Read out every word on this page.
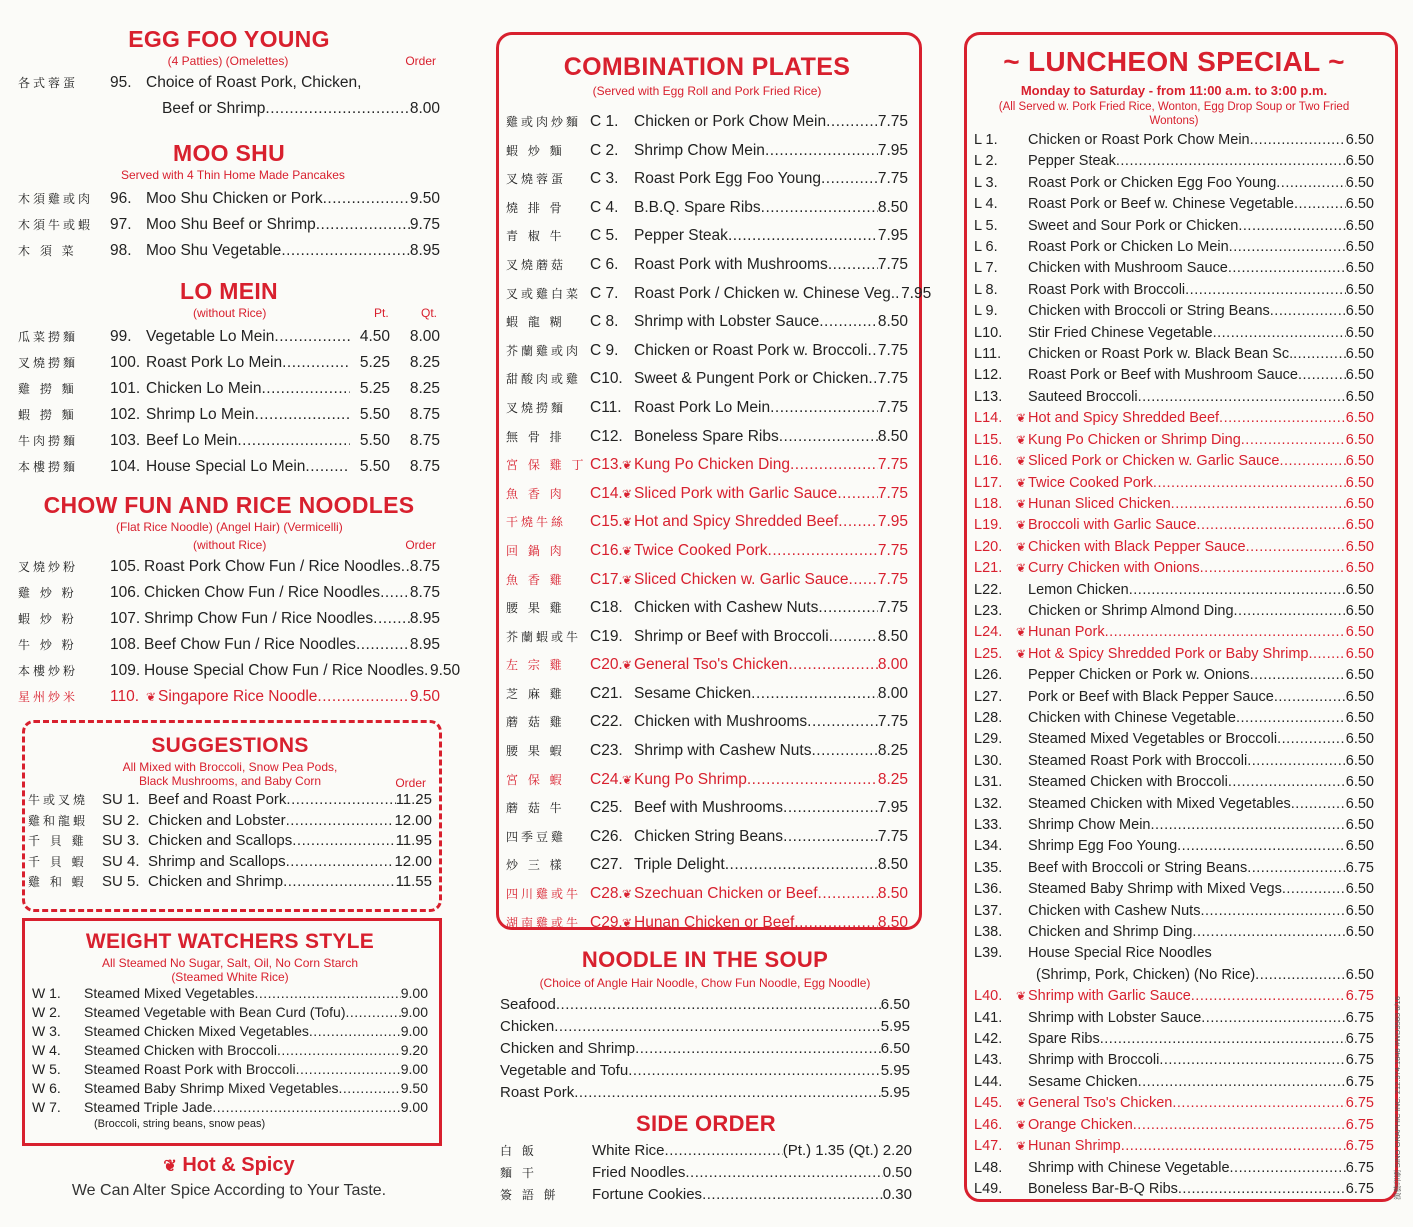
EGG FOO YOUNG
(4 Patties) (Omelettes)	Order
各式蓉蛋	95. Choice of Roast Pork, Chicken,
Beef or Shrimp .....	8.00
MOO SHU
Served with 4 Thin Home Made Pancakes
木須雞或肉	96. Moo Shu Chicken or Pork .....	9.50
木須牛或蝦	97. Moo Shu Beef or Shrimp .....	9.75
木 須 菜	98. Moo Shu Vegetable .....	8.95
LO MEIN
(without Rice)	Pt.	Qt.
瓜菜撈麵	99. Vegetable Lo Mein .....	4.50	8.00
叉燒撈麵	100. Roast Pork Lo Mein .....	5.25	8.25
雞 撈 麵	101. Chicken Lo Mein .....	5.25	8.25
蝦 撈 麵	102. Shrimp Lo Mein .....	5.50	8.75
牛肉撈麵	103. Beef Lo Mein .....	5.50	8.75
本樓撈麵	104. House Special Lo Mein .....	5.50	8.75
CHOW FUN AND RICE NOODLES
(Flat Rice Noodle) (Angel Hair) (Vermicelli)
(without Rice)	Order
叉燒炒粉	105. Roast Pork Chow Fun / Rice Noodles ..... 8.75
雞 炒 粉	106. Chicken Chow Fun / Rice Noodles ..... 8.75
蝦 炒 粉	107. Shrimp Chow Fun / Rice Noodles ..... 8.95
牛 炒 粉	108. Beef Chow Fun / Rice Noodles .....	8.95
本樓炒粉	109. House Special Chow Fun / Rice Noodles ..... 9.50
星州炒米	110. ❦ Singapore Rice Noodle .....	9.50
SUGGESTIONS
All Mixed with Broccoli, Snow Pea Pods,
Black Mushrooms, and Baby Corn	Order
牛或叉燒 SU 1. Beef and Roast Pork .....	11.25
雞和龍蝦 SU 2. Chicken and Lobster .....	12.00
千 貝 雞	SU 3. Chicken and Scallops .....	11.95
千 貝 蝦	SU 4. Shrimp and Scallops .....	12.00
雞 和 蝦	SU 5. Chicken and Shrimp .....	11.55
WEIGHT WATCHERS STYLE
All Steamed No Sugar, Salt, Oil, No Corn Starch
(Steamed White Rice)
W 1.	Steamed Mixed Vegetables .....	9.00
W 2.	Steamed Vegetable with Bean Curd (Tofu) .....	9.00
W 3.	Steamed Chicken Mixed Vegetables .....	9.00
W 4.	Steamed Chicken with Broccoli .....	9.20
W 5.	Steamed Roast Pork with Broccoli .....	9.00
W 6.	Steamed Baby Shrimp Mixed Vegetables .....	9.50
W 7.	Steamed Triple Jade .....	9.00
(Broccoli, string beans, snow peas)
❦ Hot & Spicy
We Can Alter Spice According to Your Taste.
COMBINATION PLATES
(Served with Egg Roll and Pork Fried Rice)
雞或肉炒麵 C 1. Chicken or Pork Chow Mein .....	7.75
蝦 炒 麵	C 2. Shrimp Chow Mein .....	7.95
叉燒蓉蛋	C 3. Roast Pork Egg Foo Young .....	7.75
燒 排 骨	C 4. B.B.Q. Spare Ribs .....	8.50
青 椒 牛	C 5. Pepper Steak .....	7.95
叉燒蘑菇	C 6. Roast Pork with Mushrooms .....	7.75
叉或雞白菜 C 7. Roast Pork / Chicken w. Chinese Veg. ..... 7.95
蝦 龍 糊	C 8. Shrimp with Lobster Sauce .....	8.50
芥蘭雞或肉 C 9. Chicken or Roast Pork w. Broccoli ..... 7.75
甜酸肉或雞 C10. Sweet & Pungent Pork or Chicken ..... 7.75
叉燒撈麵	C11. Roast Pork Lo Mein .....	7.75
無 骨 排	C12. Boneless Spare Ribs .....	8.50
宮 保 雞 丁 C13. ❦ Kung Po Chicken Ding .....	7.75
魚 香 肉	C14. ❦ Sliced Pork with Garlic Sauce .....	7.75
干燒牛絲	C15. ❦ Hot and Spicy Shredded Beef .....	7.95
回 鍋 肉	C16. ❦ Twice Cooked Pork .....	7.75
魚 香 雞	C17. ❦ Sliced Chicken w. Garlic Sauce ..... 7.75
腰 果 雞	C18. Chicken with Cashew Nuts .....	7.75
芥蘭蝦或牛 C19. Shrimp or Beef with Broccoli .....	8.50
左 宗 雞	C20. ❦ General Tso's Chicken .....	8.00
芝 麻 雞	C21. Sesame Chicken .....	8.00
蘑 菇 雞	C22. Chicken with Mushrooms .....	7.75
腰 果 蝦	C23. Shrimp with Cashew Nuts .....	8.25
宮 保 蝦	C24. ❦ Kung Po Shrimp .....	8.25
蘑 菇 牛	C25. Beef with Mushrooms .....	7.95
四季豆雞	C26. Chicken String Beans .....	7.75
炒 三 樣	C27. Triple Delight .....	8.50
四川雞或牛 C28. ❦ Szechuan Chicken or Beef .....	8.50
湖南雞或牛 C29. ❦ Hunan Chicken or Beef .....	8.50
NOODLE IN THE SOUP
(Choice of Angle Hair Noodle, Chow Fun Noodle, Egg Noodle)
Seafood .....	6.50
Chicken .....	5.95
Chicken and Shrimp .....	6.50
Vegetable and Tofu .....	5.95
Roast Pork .....	5.95
SIDE ORDER
白 飯	White Rice .....	(Pt.) 1.35 (Qt.) 2.20
麵 干	Fried Noodles .....	0.50
簽 語 餅	Fortune Cookies .....	0.30
~ LUNCHEON SPECIAL ~
Monday to Saturday - from 11:00 a.m. to 3:00 p.m.
(All Served w. Pork Fried Rice, Wonton, Egg Drop Soup or Two Fried Wontons)
L 1.	Chicken or Roast Pork Chow Mein .....	6.50
L 2.	Pepper Steak .....	6.50
L 3.	Roast Pork or Chicken Egg Foo Young .....	6.50
L 4.	Roast Pork or Beef w. Chinese Vegetable .....	6.50
L 5.	Sweet and Sour Pork or Chicken .....	6.50
L 6.	Roast Pork or Chicken Lo Mein .....	6.50
L 7.	Chicken with Mushroom Sauce .....	6.50
L 8.	Roast Pork with Broccoli .....	6.50
L 9.	Chicken with Broccoli or String Beans .....	6.50
L10.	Stir Fried Chinese Vegetable .....	6.50
L11.	Chicken or Roast Pork w. Black Bean Sc. .....	6.50
L12.	Roast Pork or Beef with Mushroom Sauce .....	6.50
L13.	Sauteed Broccoli .....	6.50
L14.	❦ Hot and Spicy Shredded Beef .....	6.50
L15.	❦ Kung Po Chicken or Shrimp Ding .....	6.50
L16.	❦ Sliced Pork or Chicken w. Garlic Sauce .....	6.50
L17.	❦ Twice Cooked Pork .....	6.50
L18.	❦ Hunan Sliced Chicken .....	6.50
L19.	❦ Broccoli with Garlic Sauce .....	6.50
L20.	❦ Chicken with Black Pepper Sauce .....	6.50
L21.	❦ Curry Chicken with Onions .....	6.50
L22.	Lemon Chicken .....	6.50
L23.	Chicken or Shrimp Almond Ding .....	6.50
L24.	❦ Hunan Pork .....	6.50
L25.	❦ Hot & Spicy Shredded Pork or Baby Shrimp .....	6.50
L26.	Pepper Chicken or Pork w. Onions .....	6.50
L27.	Pork or Beef with Black Pepper Sauce .....	6.50
L28.	Chicken with Chinese Vegetable .....	6.50
L29.	Steamed Mixed Vegetables or Broccoli .....	6.50
L30.	Steamed Roast Pork with Broccoli .....	6.50
L31.	Steamed Chicken with Broccoli .....	6.50
L32.	Steamed Chicken with Mixed Vegetables .....	6.50
L33.	Shrimp Chow Mein .....	6.50
L34.	Shrimp Egg Foo Young .....	6.50
L35.	Beef with Broccoli or String Beans .....	6.75
L36.	Steamed Baby Shrimp with Mixed Vegs .....	6.50
L37.	Chicken with Cashew Nuts .....	6.50
L38.	Chicken and Shrimp Ding .....	6.50
L39.	House Special Rice Noodles
(Shrimp, Pork, Chicken) (No Rice) .....	6.50
L40.	❦ Shrimp with Garlic Sauce .....	6.75
L41.	Shrimp with Lobster Sauce .....	6.75
L42.	Spare Ribs .....	6.75
L43.	Shrimp with Broccoli .....	6.75
L44.	Sesame Chicken .....	6.75
L45.	❦ General Tso's Chicken .....	6.75
L46.	❦ Orange Chicken .....	6.75
L47.	❦ Hunan Shrimp .....	6.75
L48.	Shrimp with Chinese Vegetable .....	6.75
L49.	Boneless Bar-B-Q Ribs .....	6.75	漢藝印刷 SINO GRAPHIC INC. 212.374.1848 #WD3583 6/16
